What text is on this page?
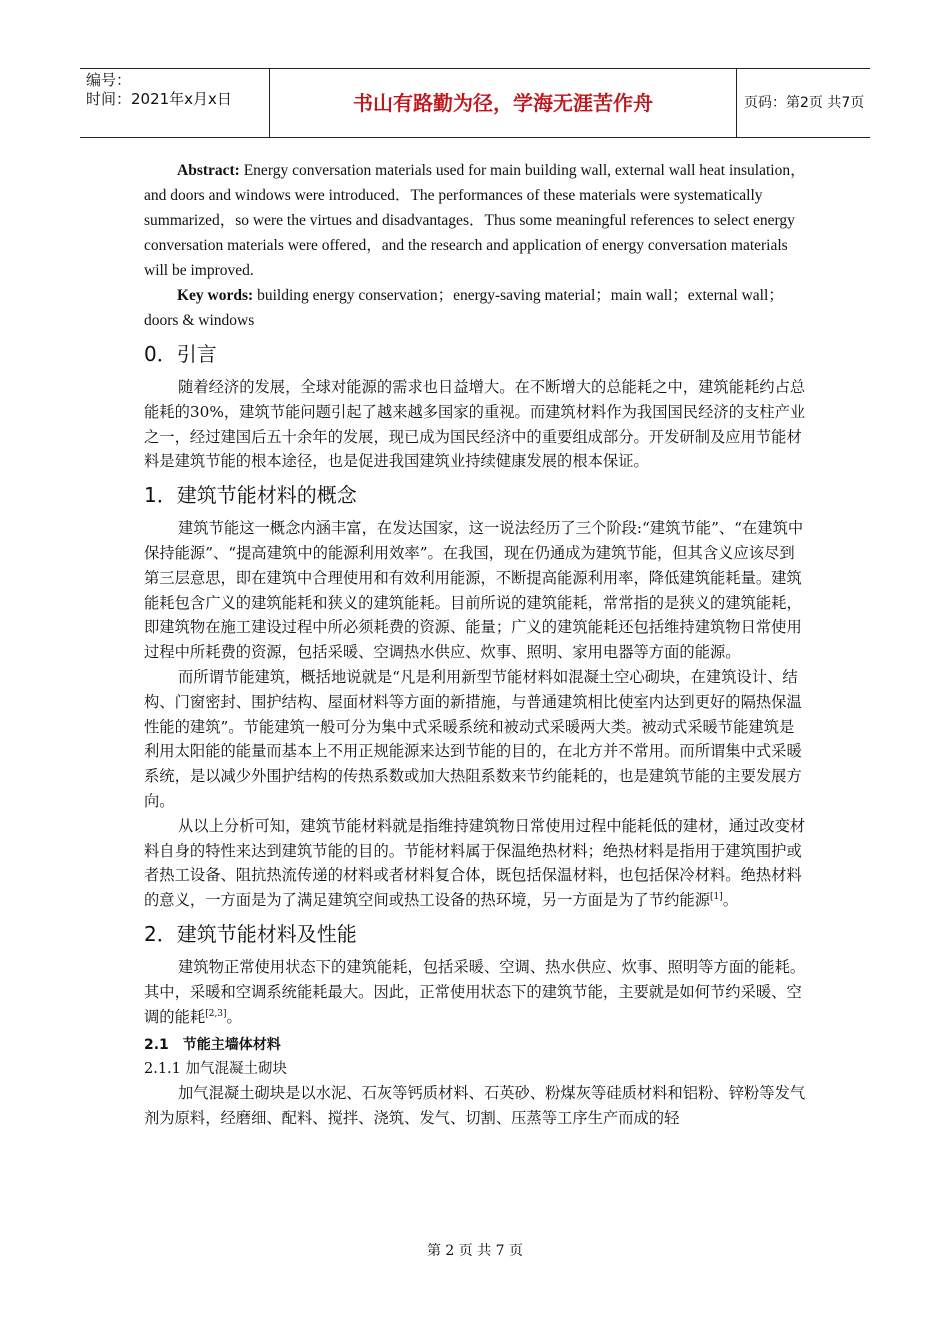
编号：
时间：2021年x月x日	书山有路勤为径，学海无涯苦作舟	页码：第2页 共7页

Abstract: Energy conversation materials used for main building wall, external wall heat insulation，and doors and windows were introduced．The performances of these materials were systematically summarized，so were the virtues and disadvantages．Thus some meaningful references to select energy conversation materials were offered，and the research and application of energy conversation materials will be improved.

Key words: building energy conservation；energy-saving material；main wall；external wall；doors & windows

0．引言

随着经济的发展，全球对能源的需求也日益增大。在不断增大的总能耗之中，建筑能耗约占总能耗的30%，建筑节能问题引起了越来越多国家的重视。而建筑材料作为我国国民经济的支柱产业之一，经过建国后五十余年的发展，现已成为国民经济中的重要组成部分。开发研制及应用节能材料是建筑节能的根本途径，也是促进我国建筑业持续健康发展的根本保证。

1．建筑节能材料的概念

建筑节能这一概念内涵丰富，在发达国家，这一说法经历了三个阶段:“建筑节能”、“在建筑中保持能源”、“提高建筑中的能源利用效率”。在我国，现在仍通成为建筑节能，但其含义应该尽到第三层意思，即在建筑中合理使用和有效利用能源，不断提高能源利用率，降低建筑能耗量。建筑能耗包含广义的建筑能耗和狭义的建筑能耗。目前所说的建筑能耗，常常指的是狭义的建筑能耗，即建筑物在施工建设过程中所必须耗费的资源、能量；广义的建筑能耗还包括维持建筑物日常使用过程中所耗费的资源，包括采暖、空调热水供应、炊事、照明、家用电器等方面的能源。

而所谓节能建筑，概括地说就是“凡是利用新型节能材料如混凝土空心砌块，在建筑设计、结构、门窗密封、围护结构、屋面材料等方面的新措施，与普通建筑相比使室内达到更好的隔热保温性能的建筑”。节能建筑一般可分为集中式采暖系统和被动式采暖两大类。被动式采暖节能建筑是利用太阳能的能量而基本上不用正规能源来达到节能的目的，在北方并不常用。而所谓集中式采暖系统，是以减少外围护结构的传热系数或加大热阻系数来节约能耗的，也是建筑节能的主要发展方向。

从以上分析可知，建筑节能材料就是指维持建筑物日常使用过程中能耗低的建材，通过改变材料自身的特性来达到建筑节能的目的。节能材料属于保温绝热材料；绝热材料是指用于建筑围护或者热工设备、阻抗热流传递的材料或者材料复合体，既包括保温材料，也包括保冷材料。绝热材料的意义，一方面是为了满足建筑空间或热工设备的热环境，另一方面是为了节约能源[1]。

2．建筑节能材料及性能

建筑物正常使用状态下的建筑能耗，包括采暖、空调、热水供应、炊事、照明等方面的能耗。其中，采暖和空调系统能耗最大。因此，正常使用状态下的建筑节能，主要就是如何节约采暖、空调的能耗[2,3]。

2.1　节能主墙体材料
2.1.1 加气混凝土砌块

加气混凝土砌块是以水泥、石灰等钙质材料、石英砂、粉煤灰等硅质材料和铝粉、锌粉等发气剂为原料，经磨细、配料、搅拌、浇筑、发气、切割、压蒸等工序生产而成的轻

第 2 页 共 7 页
